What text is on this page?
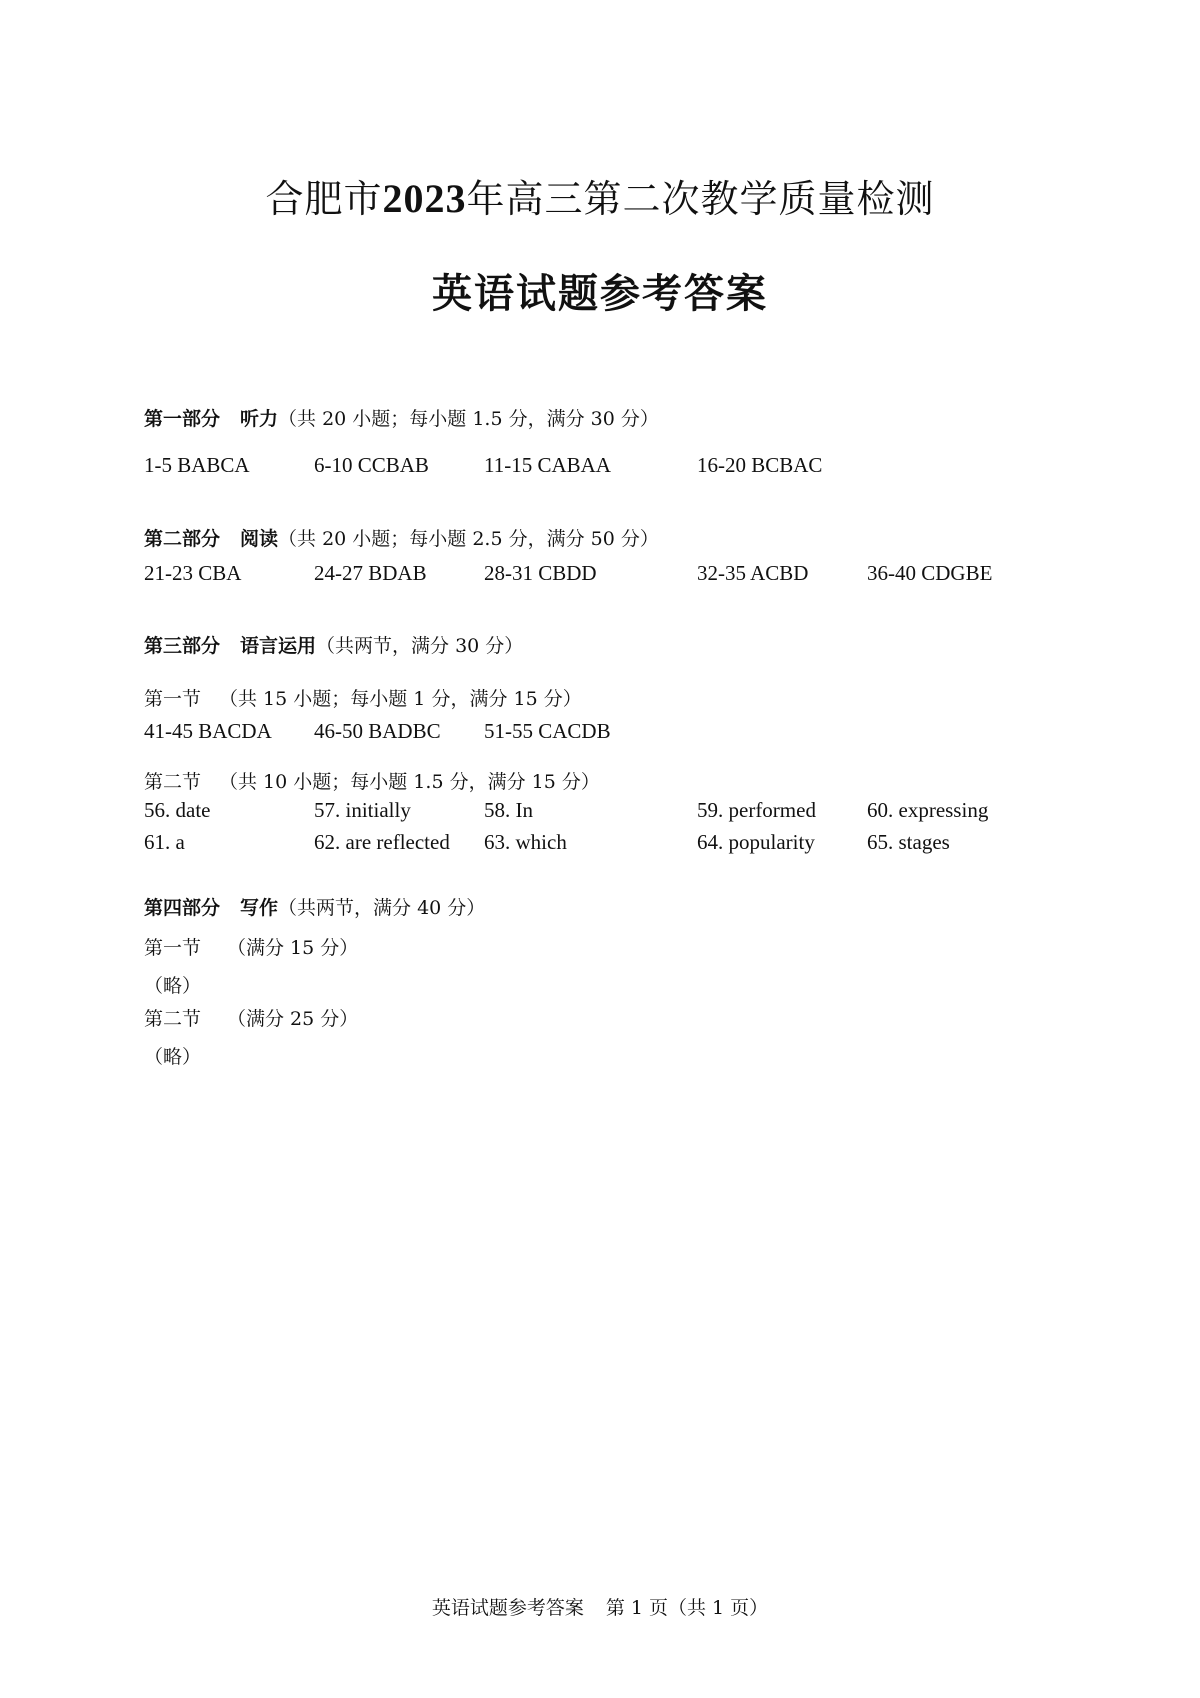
合肥市2023年高三第二次教学质量检测
英语试题参考答案
第一部分 听力（共 20 小题；每小题 1.5 分，满分 30 分）
1-5 BABCA	6-10 CCBAB	11-15 CABAA	16-20 BCBAC
第二部分 阅读（共 20 小题；每小题 2.5 分，满分 50 分）
21-23 CBA	24-27 BDAB	28-31 CBDD	32-35 ACBD	36-40 CDGBE
第三部分 语言运用（共两节，满分 30 分）
第一节 （共 15 小题；每小题 1 分，满分 15 分）
41-45 BACDA 46-50 BADBC 51-55 CACDB
第二节 （共 10 小题；每小题 1.5 分，满分 15 分）
56. date	57. initially	58. In	59. performed 60. expressing
61. a	62. are reflected 63. which	64. popularity 65. stages
第四部分 写作（共两节，满分 40 分）
第一节 （满分 15 分）
（略）
第二节 （满分 25 分）
（略）
英语试题参考答案 第 1 页（共 1 页）
